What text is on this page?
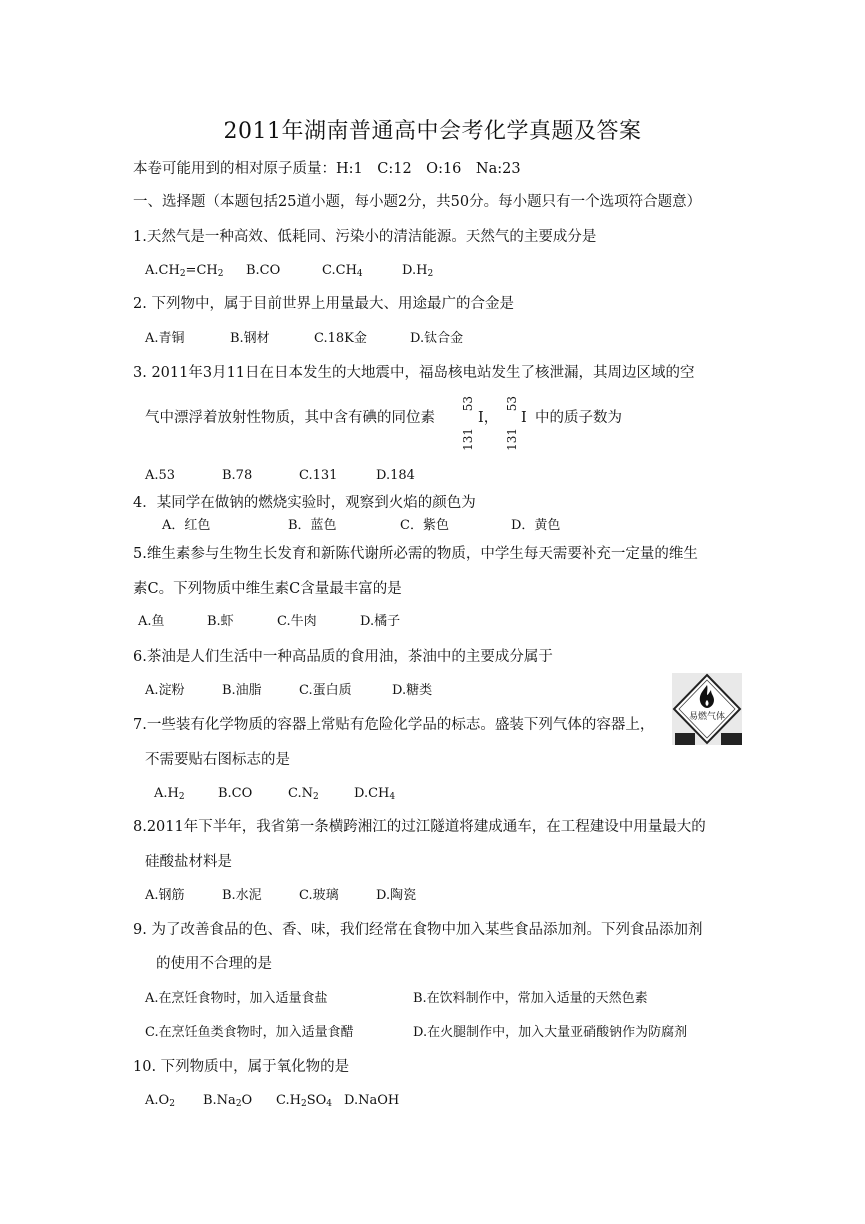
2011年湖南普通高中会考化学真题及答案
本卷可能用到的相对原子质量：H:1　C:12　O:16　Na:23
一、选择题（本题包括25道小题，每小题2分，共50分。每小题只有一个选项符合题意）
1.天然气是一种高效、低耗同、污染小的清洁能源。天然气的主要成分是
$A.CH_2=CH_2$ B.CO	$C.CH_4$	$D.H_2$
2. 下列物中，属于目前世界上用量最大、用途最广的合金是
A.青铜	B.钢材	C.18K金	D.钛合金
3. 2011年3月11日在日本发生的大地震中，福岛核电站发生了核泄漏，其周边区域的空
气中漂浮着放射性物质，其中含有碘的同位素
53
131
I，
53
131
I 中的质子数为
A.53	B.78	C.131	D.184
4．某同学在做钠的燃烧实验时，观察到火焰的颜色为
A．红色	B．蓝色	C．紫色	D．黄色
5.维生素参与生物生长发育和新陈代谢所必需的物质，中学生每天需要补充一定量的维生
素C。下列物质中维生素C含量最丰富的是
A.鱼	B.虾	C.牛肉	D.橘子
6.茶油是人们生活中一种高品质的食用油，茶油中的主要成分属于
A.淀粉	B.油脂	C.蛋白质	D.糖类
7.一些装有化学物质的容器上常贴有危险化学品的标志。盛装下列气体的容器上，
不需要贴右图标志的是
易燃气体
$A.H_2$	B.CO	$C.N_2$	$D.CH_4$
8.2011年下半年，我省第一条横跨湘江的过江隧道将建成通车，在工程建设中用量最大的
硅酸盐材料是
A.钢筋	B.水泥	C.玻璃	D.陶瓷
9. 为了改善食品的色、香、味，我们经常在食物中加入某些食品添加剂。下列食品添加剂
的使用不合理的是
A.在烹饪食物时，加入适量食盐	B.在饮料制作中，常加入适量的天然色素
C.在烹饪鱼类食物时，加入适量食醋	D.在火腿制作中，加入大量亚硝酸钠作为防腐剂
10. 下列物质中，属于氧化物的是
$A.O_2$ $B.Na_2O$ $C.H_2SO_4$ D.NaOH
